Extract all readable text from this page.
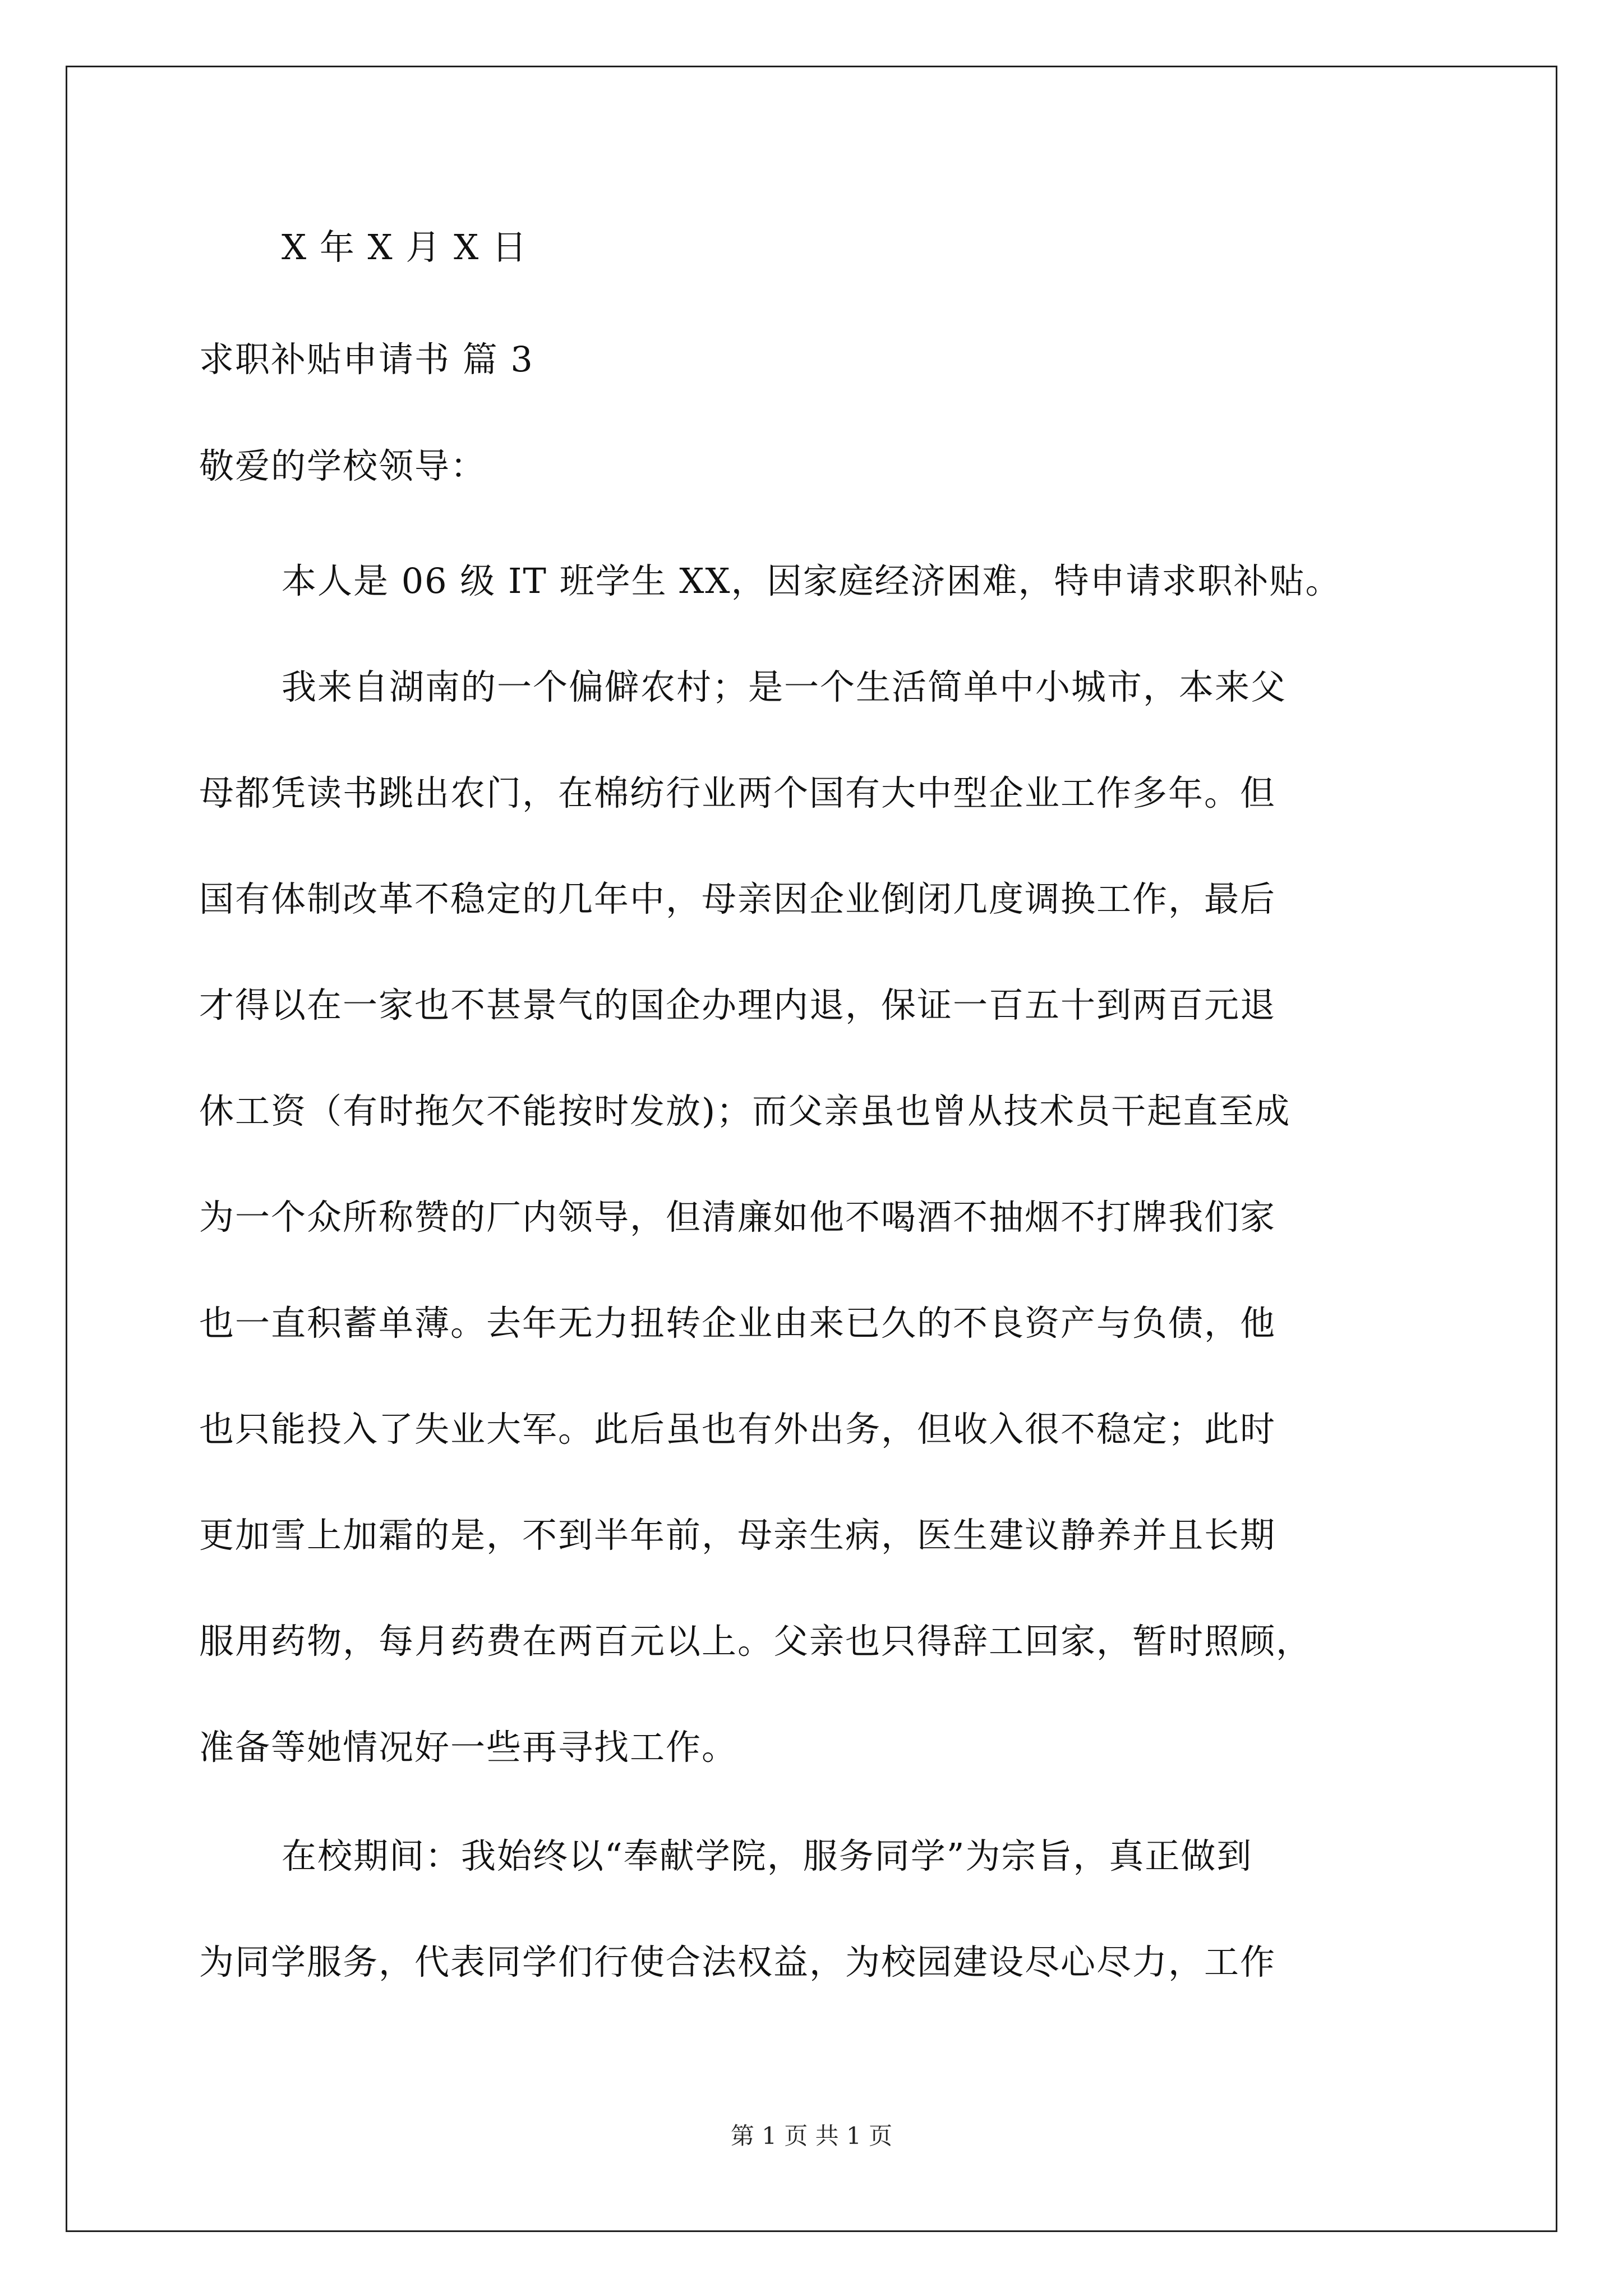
X 年 X 月 X 日
求职补贴申请书 篇 3
敬爱的学校领导：
本人是 06 级 IT 班学生 XX，因家庭经济困难，特申请求职补贴。
我来自湖南的一个偏僻农村；是一个生活简单中小城市，本来父
母都凭读书跳出农门，在棉纺行业两个国有大中型企业工作多年。但
国有体制改革不稳定的几年中，母亲因企业倒闭几度调换工作，最后
才得以在一家也不甚景气的国企办理内退，保证一百五十到两百元退
休工资（有时拖欠不能按时发放)；而父亲虽也曾从技术员干起直至成
为一个众所称赞的厂内领导，但清廉如他不喝酒不抽烟不打牌我们家
也一直积蓄单薄。去年无力扭转企业由来已久的不良资产与负债，他
也只能投入了失业大军。此后虽也有外出务，但收入很不稳定；此时
更加雪上加霜的是，不到半年前，母亲生病，医生建议静养并且长期
服用药物，每月药费在两百元以上。父亲也只得辞工回家，暂时照顾，
准备等她情况好一些再寻找工作。
在校期间：我始终以“奉献学院，服务同学”为宗旨，真正做到
为同学服务，代表同学们行使合法权益，为校园建设尽心尽力，工作
第 1 页 共 1 页
